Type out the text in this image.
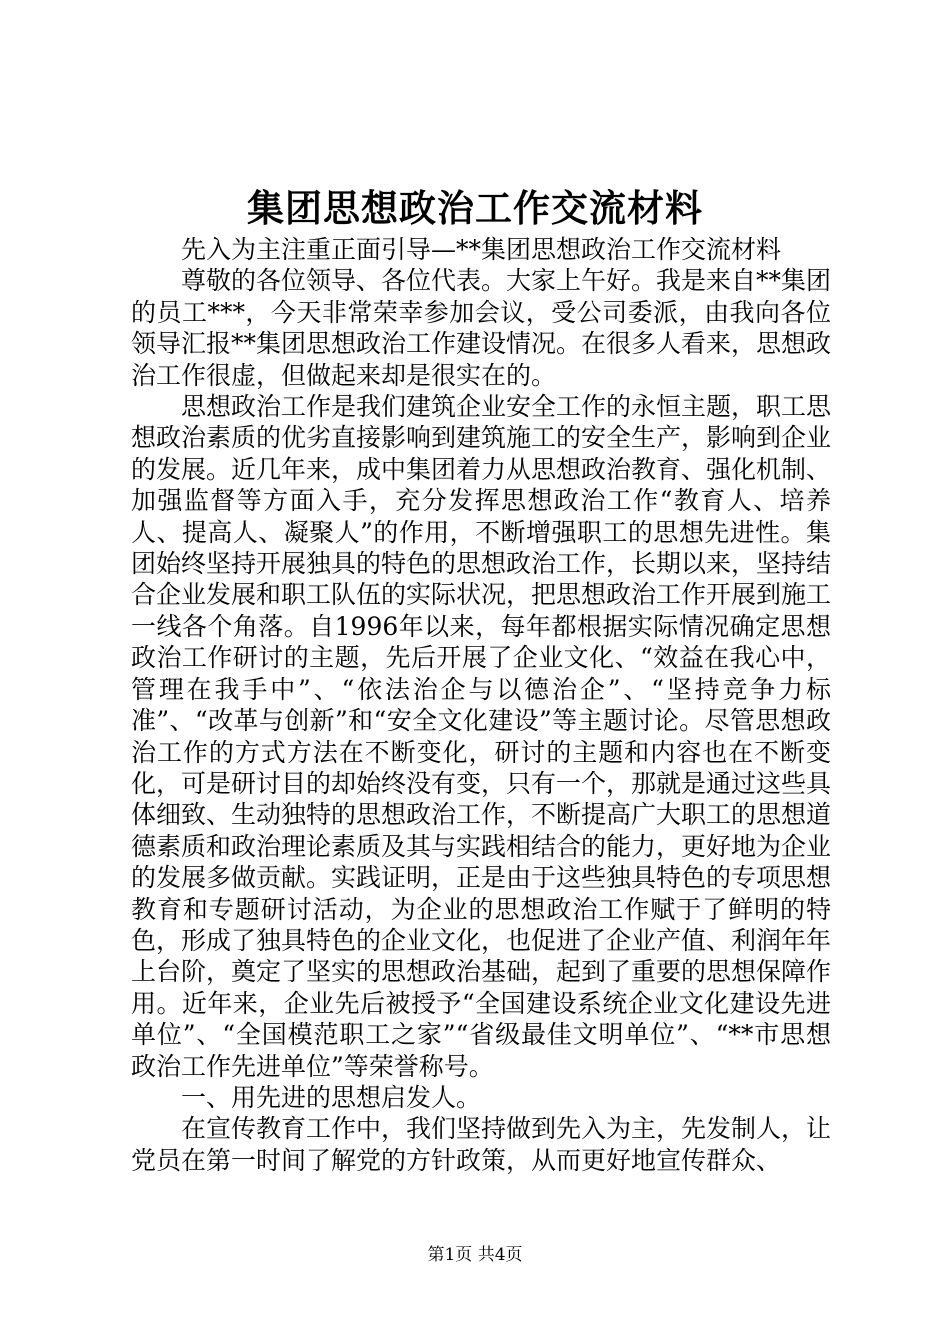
集团思想政治工作交流材料

先入为主注重正面引导—**集团思想政治工作交流材料

尊敬的各位领导、各位代表。大家上午好。我是来自**集团的员工***，今天非常荣幸参加会议，受公司委派，由我向各位领导汇报**集团思想政治工作建设情况。在很多人看来，思想政治工作很虚，但做起来却是很实在的。

思想政治工作是我们建筑企业安全工作的永恒主题，职工思想政治素质的优劣直接影响到建筑施工的安全生产，影响到企业的发展。近几年来，成中集团着力从思想政治教育、强化机制、加强监督等方面入手，充分发挥思想政治工作“教育人、培养人、提高人、凝聚人”的作用，不断增强职工的思想先进性。集团始终坚持开展独具的特色的思想政治工作，长期以来，坚持结合企业发展和职工队伍的实际状况，把思想政治工作开展到施工一线各个角落。自1996年以来，每年都根据实际情况确定思想政治工作研讨的主题，先后开展了企业文化、“效益在我心中，管理在我手中”、“依法治企与以德治企”、“坚持竞争力标准”、“改革与创新”和“安全文化建设”等主题讨论。尽管思想政治工作的方式方法在不断变化，研讨的主题和内容也在不断变化，可是研讨目的却始终没有变，只有一个，那就是通过这些具体细致、生动独特的思想政治工作，不断提高广大职工的思想道德素质和政治理论素质及其与实践相结合的能力，更好地为企业的发展多做贡献。实践证明，正是由于这些独具特色的专项思想教育和专题研讨活动，为企业的思想政治工作赋于了鲜明的特色，形成了独具特色的企业文化，也促进了企业产值、利润年年上台阶，奠定了坚实的思想政治基础，起到了重要的思想保障作用。近年来，企业先后被授予“全国建设系统企业文化建设先进单位”、“全国模范职工之家”“省级最佳文明单位”、“**市思想政治工作先进单位”等荣誉称号。

一、用先进的思想启发人。

在宣传教育工作中，我们坚持做到先入为主，先发制人，让党员在第一时间了解党的方针政策，从而更好地宣传群众、

第1页 共4页
